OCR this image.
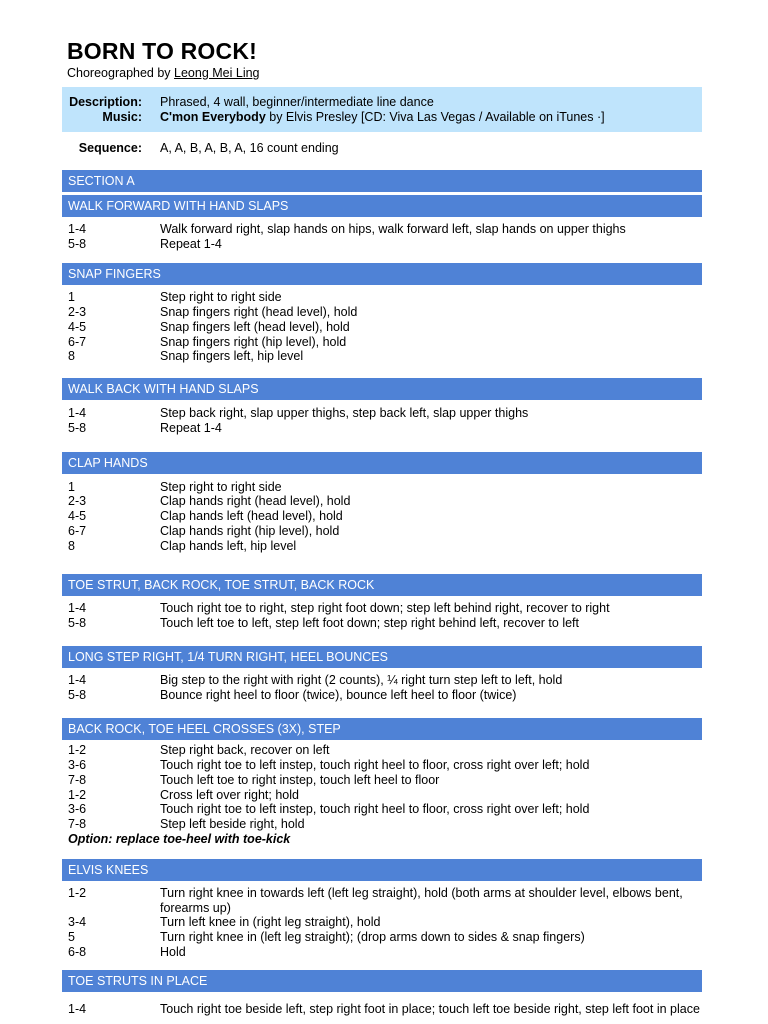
BORN TO ROCK!
Choreographed by Leong Mei Ling
Description: Phrased, 4 wall, beginner/intermediate line dance
Music: C'mon Everybody by Elvis Presley [CD: Viva Las Vegas / Available on iTunes ·]
Sequence: A, A, B, A, B, A, 16 count ending
SECTION A
WALK FORWARD WITH HAND SLAPS
1-4	Walk forward right, slap hands on hips, walk forward left, slap hands on upper thighs
5-8	Repeat 1-4
SNAP FINGERS
1	Step right to right side
2-3	Snap fingers right (head level), hold
4-5	Snap fingers left (head level), hold
6-7	Snap fingers right (hip level), hold
8	Snap fingers left, hip level
WALK BACK WITH HAND SLAPS
1-4	Step back right, slap upper thighs, step back left, slap upper thighs
5-8	Repeat 1-4
CLAP HANDS
1	Step right to right side
2-3	Clap hands right (head level), hold
4-5	Clap hands left (head level), hold
6-7	Clap hands right (hip level), hold
8	Clap hands left, hip level
TOE STRUT, BACK ROCK, TOE STRUT, BACK ROCK
1-4	Touch right toe to right, step right foot down; step left behind right, recover to right
5-8	Touch left toe to left, step left foot down; step right behind left, recover to left
LONG STEP RIGHT, 1/4 TURN RIGHT, HEEL BOUNCES
1-4	Big step to the right with right (2 counts), ¼ right turn step left to left, hold
5-8	Bounce right heel to floor (twice), bounce left heel to floor (twice)
BACK ROCK, TOE HEEL CROSSES (3X), STEP
1-2	Step right back, recover on left
3-6	Touch right toe to left instep, touch right heel to floor, cross right over left; hold
7-8	Touch left toe to right instep, touch left heel to floor
1-2	Cross left over right; hold
3-6	Touch right toe to left instep, touch right heel to floor, cross right over left; hold
7-8	Step left beside right, hold
Option: replace toe-heel with toe-kick
ELVIS KNEES
1-2	Turn right knee in towards left (left leg straight), hold (both arms at shoulder level, elbows bent, forearms up)
3-4	Turn left knee in (right leg straight), hold
5	Turn right knee in (left leg straight); (drop arms down to sides & snap fingers)
6-8	Hold
TOE STRUTS IN PLACE
1-4	Touch right toe beside left, step right foot in place; touch left toe beside right, step left foot in place
